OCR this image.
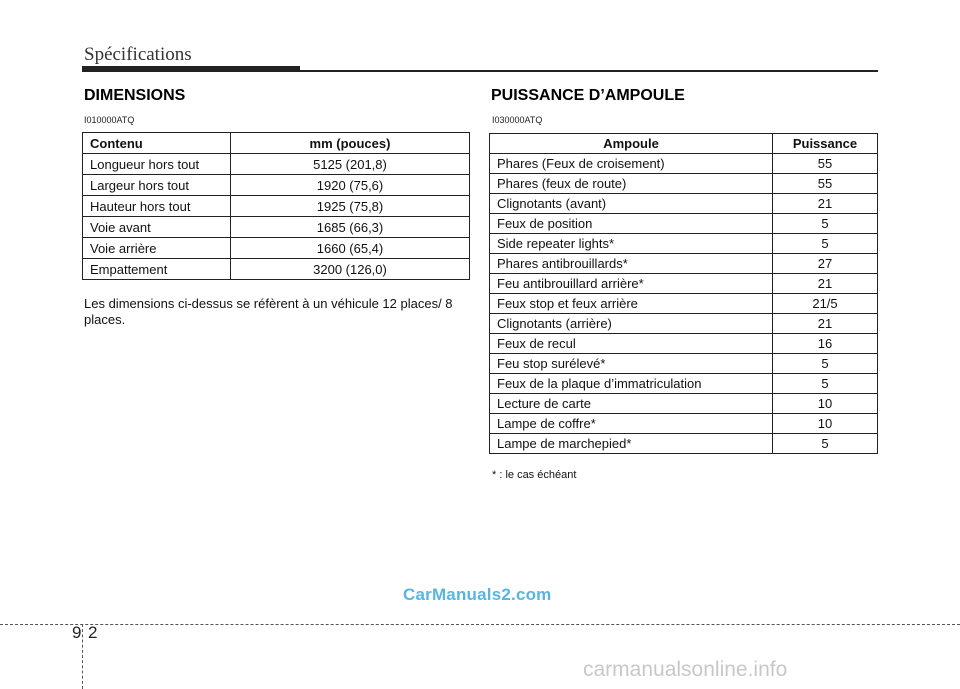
Spécifications
DIMENSIONS
I010000ATQ
Contenu	mm (pouces)
Longueur hors tout	5125 (201,8)
Largeur hors tout	1920 (75,6)
Hauteur hors tout	1925 (75,8)
Voie avant	1685 (66,3)
Voie arrière	1660 (65,4)
Empattement	3200 (126,0)
Les dimensions ci-dessus se réfèrent à un véhicule 12 places/ 8 places.
PUISSANCE D’AMPOULE
I030000ATQ
Ampoule	Puissance
Phares (Feux de croisement)	55
Phares (feux de route)	55
Clignotants (avant)	21
Feux de position	5
Side repeater lights*	5
Phares antibrouillards*	27
Feu antibrouillard arrière*	21
Feux stop et feux arrière	21/5
Clignotants (arrière)	21
Feux de recul	16
Feu stop surélevé*	5
Feux de la plaque d’immatriculation	5
Lecture de carte	10
Lampe de coffre*	10
Lampe de marchepied*	5
* : le cas échéant
CarManuals2.com
9 2
carmanualsonline.info
